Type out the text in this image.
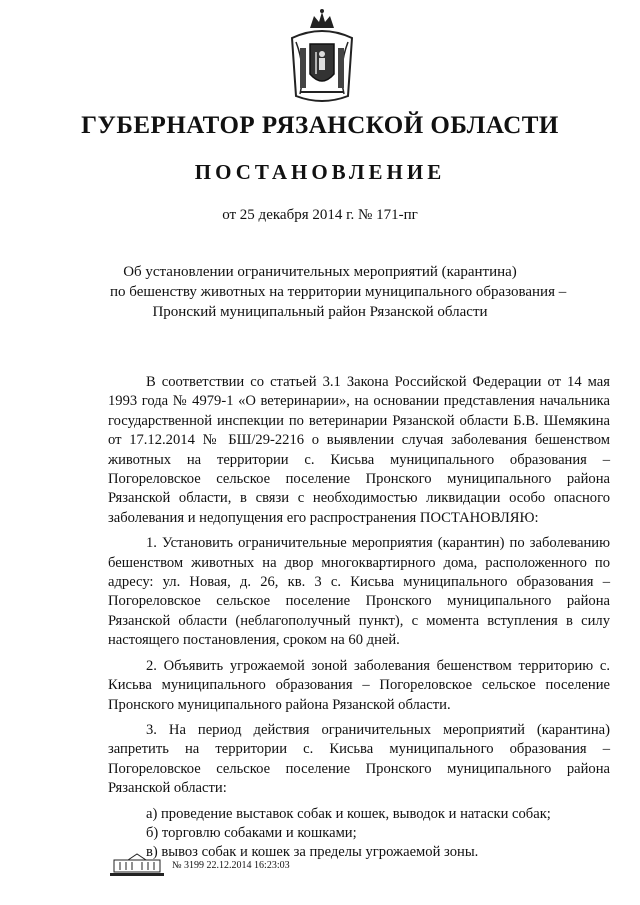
ГУБЕРНАТОР РЯЗАНСКОЙ ОБЛАСТИ
ПОСТАНОВЛЕНИЕ
от 25 декабря 2014 г. № 171-пг
Об установлении ограничительных мероприятий (карантина)
по бешенству животных на территории муниципального образования –
Пронский муниципальный район Рязанской области

В соответствии со статьей 3.1 Закона Российской Федерации от 14 мая 1993 года № 4979-1 «О ветеринарии», на основании представления начальника государственной инспекции по ветеринарии Рязанской области Б.В. Шемякина от 17.12.2014 № БШ/29-2216 о выявлении случая заболевания бешенством животных на территории с. Кисьва муниципального образования – Погореловское сельское поселение Пронского муниципального района Рязанской области, в связи с необходимостью ликвидации особо опасного заболевания и недопущения его распространения ПОСТАНОВЛЯЮ:

1. Установить ограничительные мероприятия (карантин) по заболеванию бешенством животных на двор многоквартирного дома, расположенного по адресу: ул. Новая, д. 26, кв. 3 с. Кисьва муниципального образования – Погореловское сельское поселение Пронского муниципального района Рязанской области (неблагополучный пункт), с момента вступления в силу настоящего постановления, сроком на 60 дней.

2. Объявить угрожаемой зоной заболевания бешенством территорию с. Кисьва муниципального образования – Погореловское сельское поселение Пронского муниципального района Рязанской области.

3. На период действия ограничительных мероприятий (карантина) запретить на территории с. Кисьва муниципального образования – Погореловское сельское поселение Пронского муниципального района Рязанской области:

а) проведение выставок собак и кошек, выводок и натаски собак;

б) торговлю собаками и кошками;

в) вывоз собак и кошек за пределы угрожаемой зоны.

№ 3199 22.12.2014 16:23:03
